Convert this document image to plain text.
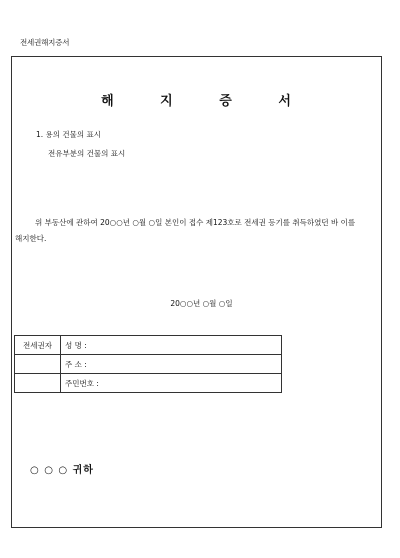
전세권해지증서
해 지 증 서
1. 용의 건물의 표시
전유부분의 건물의 표시
위 부동산에 관하여 20○○년 ○월 ○일 본인이 접수 제123호로 전세권 등기를 취득하였던 바 이를 해지한다.
20○○년 ○월 ○일
전세권자	성 명 :
	주 소 :
	주민번호 :
○ ○ ○ 귀하
